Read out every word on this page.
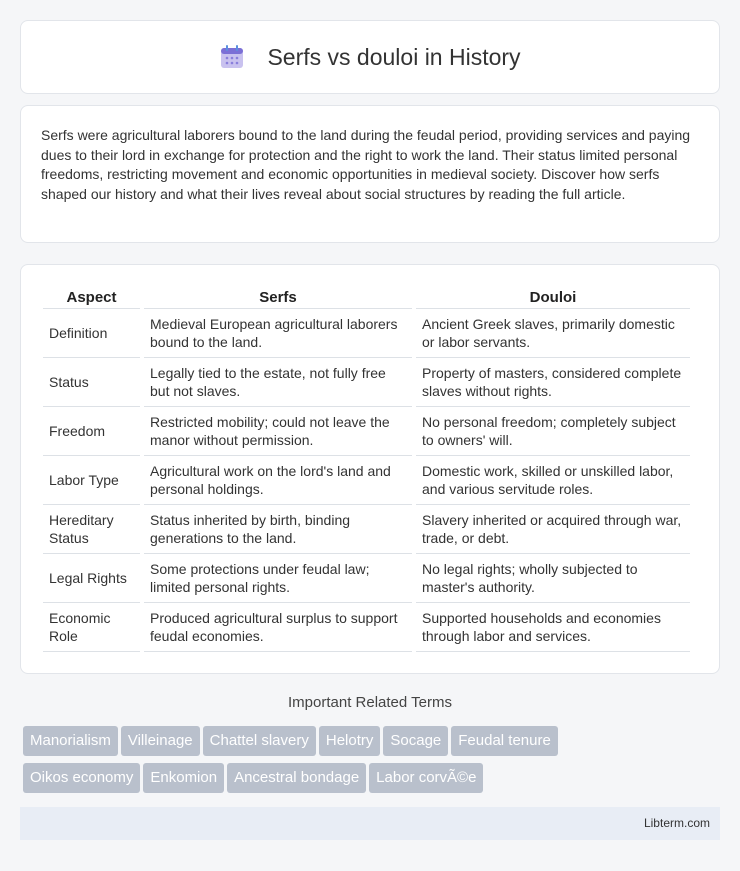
Serfs vs douloi in History

Serfs were agricultural laborers bound to the land during the feudal period, providing services and paying dues to their lord in exchange for protection and the right to work the land. Their status limited personal freedoms, restricting movement and economic opportunities in medieval society. Discover how serfs shaped our history and what their lives reveal about social structures by reading the full article.

Aspect	Serfs	Douloi
Definition	Medieval European agricultural laborers bound to the land.	Ancient Greek slaves, primarily domestic or labor servants.
Status	Legally tied to the estate, not fully free but not slaves.	Property of masters, considered complete slaves without rights.
Freedom	Restricted mobility; could not leave the manor without permission.	No personal freedom; completely subject to owners' will.
Labor Type	Agricultural work on the lord's land and personal holdings.	Domestic work, skilled or unskilled labor, and various servitude roles.
Hereditary Status	Status inherited by birth, binding generations to the land.	Slavery inherited or acquired through war, trade, or debt.
Legal Rights	Some protections under feudal law; limited personal rights.	No legal rights; wholly subjected to master's authority.
Economic Role	Produced agricultural surplus to support feudal economies.	Supported households and economies through labor and services.
Important Related Terms
Manorialism Villeinage Chattel slavery Helotry Socage Feudal tenure
Oikos economy Enkomion Ancestral bondage Labor corvÃ©e
Libterm.com
